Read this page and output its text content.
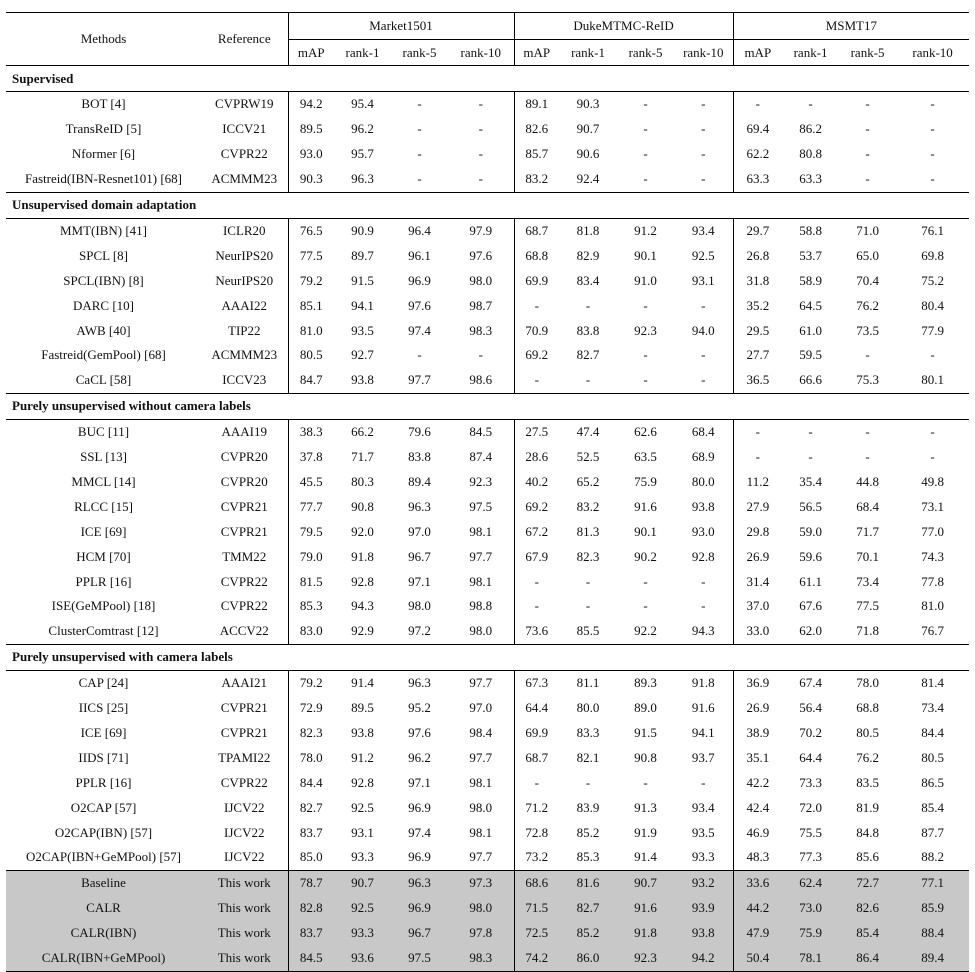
Methods	Reference	Market1501				DukeMTMC-ReID				MSMT17			
		mAP	rank-1	rank-5	rank-10	mAP	rank-1	rank-5	rank-10	mAP	rank-1	rank-5	rank-10
Supervised													
BOT [4]	CVPRW19	94.2	95.4	-	-	89.1	90.3	-	-	-	-	-	-
TransReID [5]	ICCV21	89.5	96.2	-	-	82.6	90.7	-	-	69.4	86.2	-	-
Nformer [6]	CVPR22	93.0	95.7	-	-	85.7	90.6	-	-	62.2	80.8	-	-
Fastreid(IBN-Resnet101) [68]	ACMMM23	90.3	96.3	-	-	83.2	92.4	-	-	63.3	63.3	-	-
Unsupervised domain adaptation													
MMT(IBN) [41]	ICLR20	76.5	90.9	96.4	97.9	68.7	81.8	91.2	93.4	29.7	58.8	71.0	76.1
SPCL [8]	NeurIPS20	77.5	89.7	96.1	97.6	68.8	82.9	90.1	92.5	26.8	53.7	65.0	69.8
SPCL(IBN) [8]	NeurIPS20	79.2	91.5	96.9	98.0	69.9	83.4	91.0	93.1	31.8	58.9	70.4	75.2
DARC [10]	AAAI22	85.1	94.1	97.6	98.7	-	-	-	-	35.2	64.5	76.2	80.4
AWB [40]	TIP22	81.0	93.5	97.4	98.3	70.9	83.8	92.3	94.0	29.5	61.0	73.5	77.9
Fastreid(GemPool) [68]	ACMMM23	80.5	92.7	-	-	69.2	82.7	-	-	27.7	59.5	-	-
CaCL [58]	ICCV23	84.7	93.8	97.7	98.6	-	-	-	-	36.5	66.6	75.3	80.1
Purely unsupervised without camera labels													
BUC [11]	AAAI19	38.3	66.2	79.6	84.5	27.5	47.4	62.6	68.4	-	-	-	-
SSL [13]	CVPR20	37.8	71.7	83.8	87.4	28.6	52.5	63.5	68.9	-	-	-	-
MMCL [14]	CVPR20	45.5	80.3	89.4	92.3	40.2	65.2	75.9	80.0	11.2	35.4	44.8	49.8
RLCC [15]	CVPR21	77.7	90.8	96.3	97.5	69.2	83.2	91.6	93.8	27.9	56.5	68.4	73.1
ICE [69]	CVPR21	79.5	92.0	97.0	98.1	67.2	81.3	90.1	93.0	29.8	59.0	71.7	77.0
HCM [70]	TMM22	79.0	91.8	96.7	97.7	67.9	82.3	90.2	92.8	26.9	59.6	70.1	74.3
PPLR [16]	CVPR22	81.5	92.8	97.1	98.1	-	-	-	-	31.4	61.1	73.4	77.8
ISE(GeMPool) [18]	CVPR22	85.3	94.3	98.0	98.8	-	-	-	-	37.0	67.6	77.5	81.0
ClusterComtrast [12]	ACCV22	83.0	92.9	97.2	98.0	73.6	85.5	92.2	94.3	33.0	62.0	71.8	76.7
Purely unsupervised with camera labels													
CAP [24]	AAAI21	79.2	91.4	96.3	97.7	67.3	81.1	89.3	91.8	36.9	67.4	78.0	81.4
IICS [25]	CVPR21	72.9	89.5	95.2	97.0	64.4	80.0	89.0	91.6	26.9	56.4	68.8	73.4
ICE [69]	CVPR21	82.3	93.8	97.6	98.4	69.9	83.3	91.5	94.1	38.9	70.2	80.5	84.4
IIDS [71]	TPAMI22	78.0	91.2	96.2	97.7	68.7	82.1	90.8	93.7	35.1	64.4	76.2	80.5
PPLR [16]	CVPR22	84.4	92.8	97.1	98.1	-	-	-	-	42.2	73.3	83.5	86.5
O2CAP [57]	IJCV22	82.7	92.5	96.9	98.0	71.2	83.9	91.3	93.4	42.4	72.0	81.9	85.4
O2CAP(IBN) [57]	IJCV22	83.7	93.1	97.4	98.1	72.8	85.2	91.9	93.5	46.9	75.5	84.8	87.7
O2CAP(IBN+GeMPool) [57]	IJCV22	85.0	93.3	96.9	97.7	73.2	85.3	91.4	93.3	48.3	77.3	85.6	88.2
Baseline	This work	78.7	90.7	96.3	97.3	68.6	81.6	90.7	93.2	33.6	62.4	72.7	77.1
CALR	This work	82.8	92.5	96.9	98.0	71.5	82.7	91.6	93.9	44.2	73.0	82.6	85.9
CALR(IBN)	This work	83.7	93.3	96.7	97.8	72.5	85.2	91.8	93.8	47.9	75.9	85.4	88.4
CALR(IBN+GeMPool)	This work	84.5	93.6	97.5	98.3	74.2	86.0	92.3	94.2	50.4	78.1	86.4	89.4
